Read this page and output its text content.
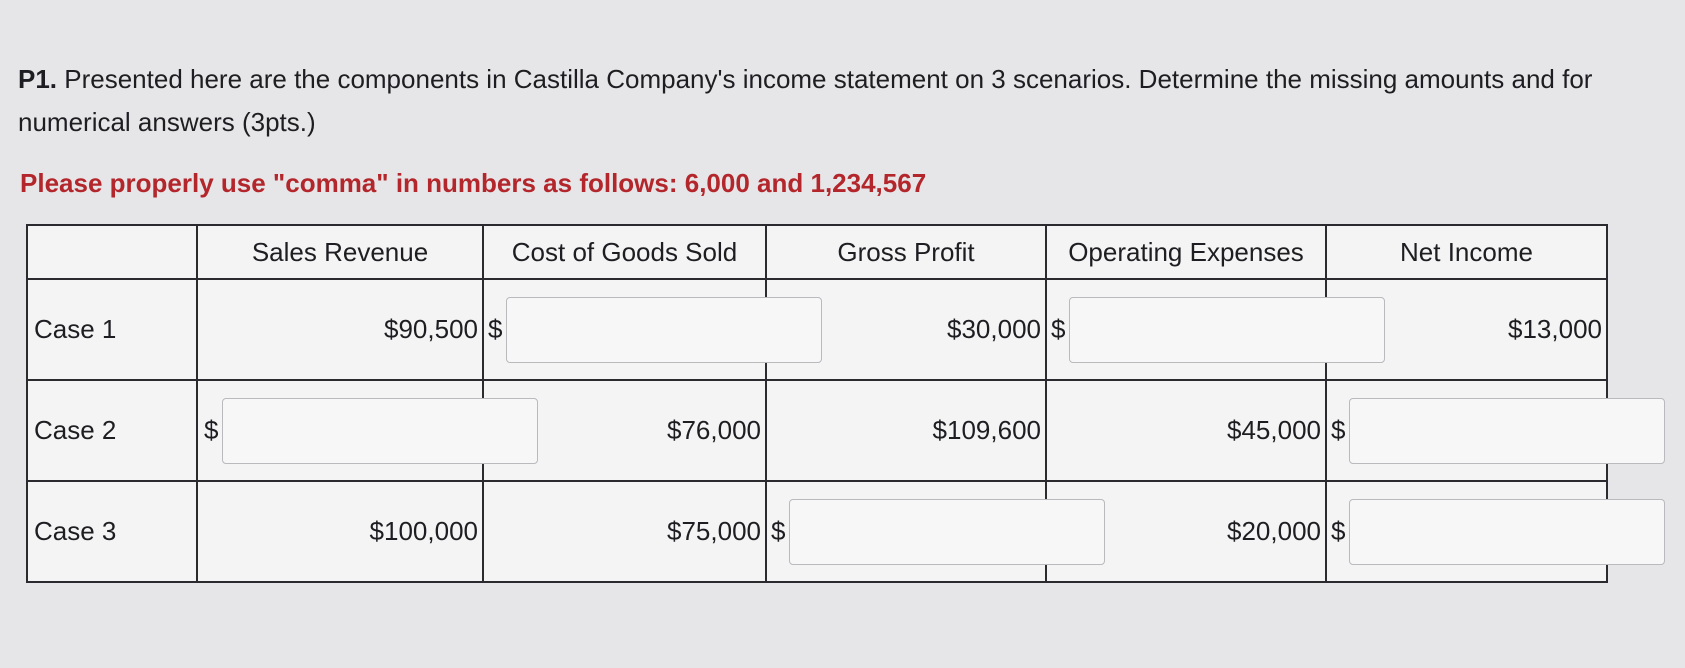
P1. Presented here are the components in Castilla Company's income statement on 3 scenarios. Determine the missing amounts and for numerical answers (3pts.)

Please properly use "comma" in numbers as follows: 6,000 and 1,234,567

	Sales Revenue	Cost of Goods Sold	Gross Profit	Operating Expenses	Net Income
Case 1	$90,500	$	$30,000	$	$13,000
Case 2	$	$76,000	$109,600	$45,000	$

Case 3	$100,000	$75,000	$	$20,000	$
